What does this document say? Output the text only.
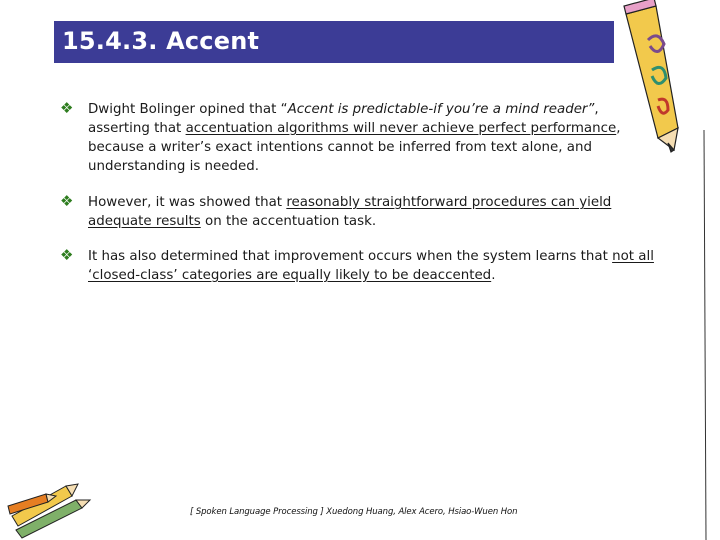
15.4.3. Accent
❖ Dwight Bolinger opined that “Accent is predictable-if you’re a mind reader”, asserting that accentuation algorithms will never achieve perfect performance, because a writer’s exact intentions cannot be inferred from text alone, and understanding is needed.
❖ However, it was showed that reasonably straightforward procedures can yield adequate results on the accentuation task.
❖ It has also determined that improvement occurs when the system learns that not all ‘closed-class’ categories are equally likely to be deaccented.
[ Spoken Language Processing ] Xuedong Huang, Alex Acero, Hsiao-Wuen Hon
